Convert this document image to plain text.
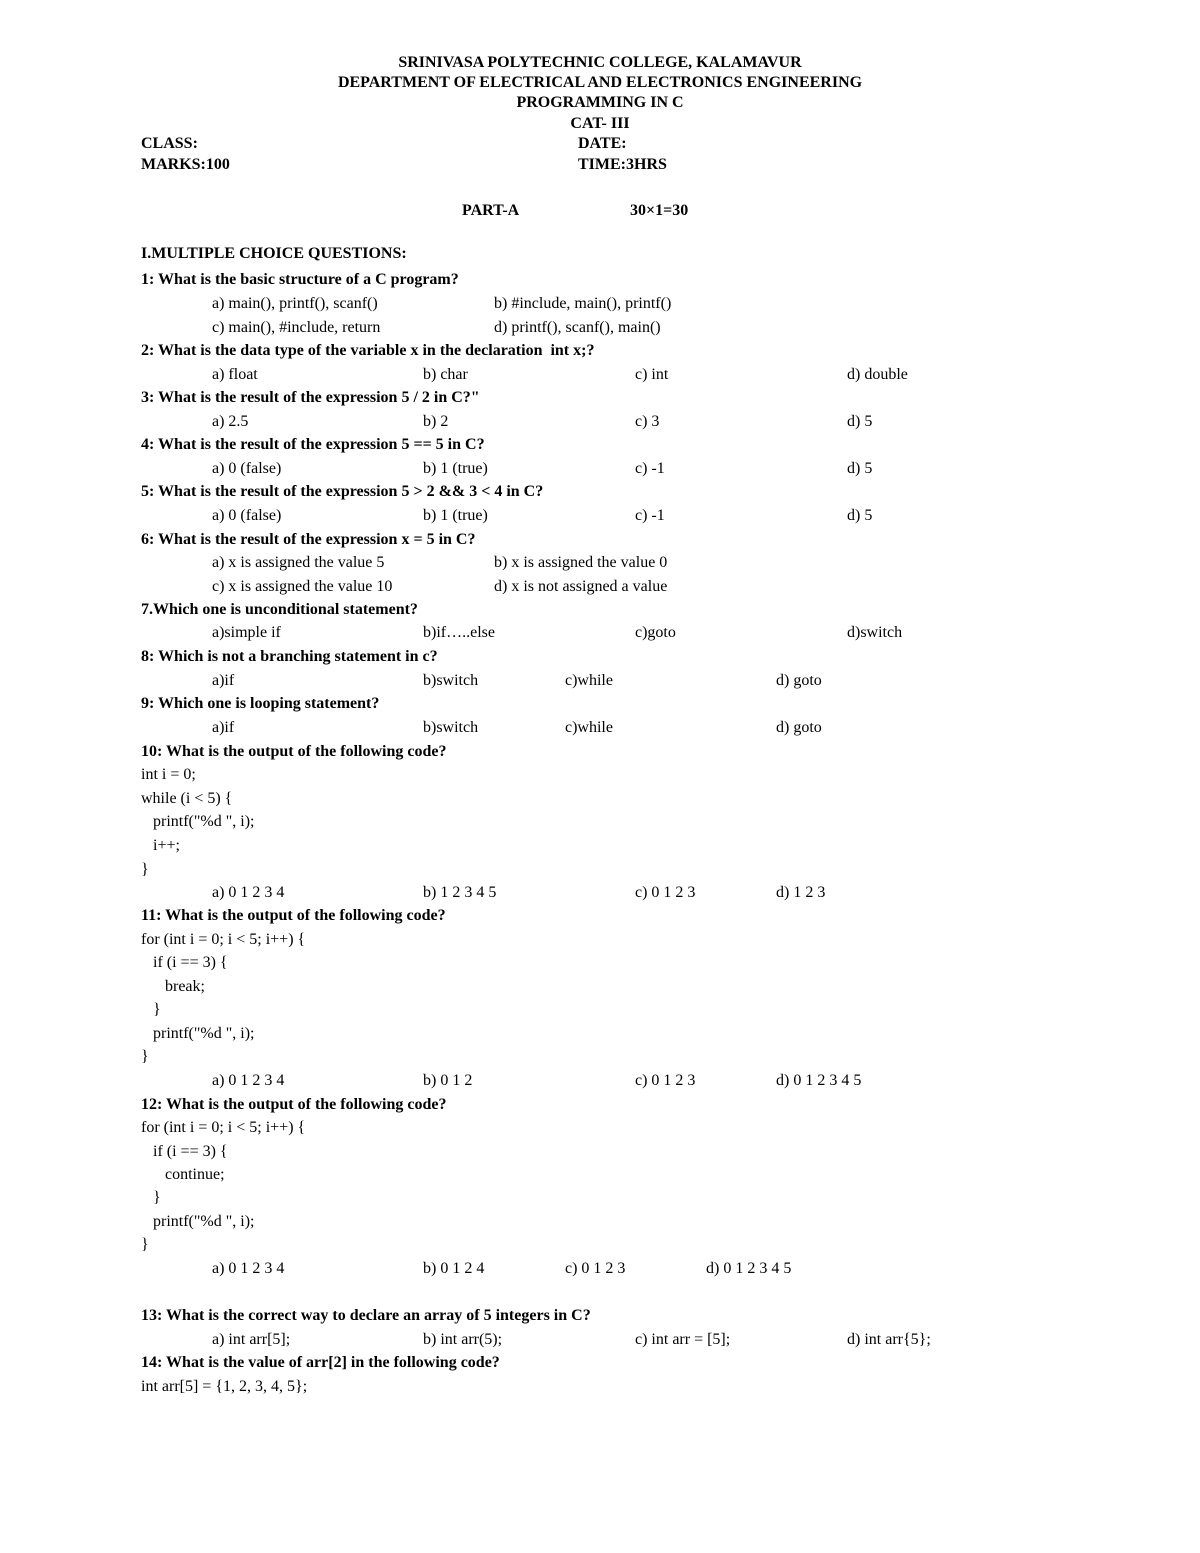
SRINIVASA POLYTECHNIC COLLEGE, KALAMAVUR
DEPARTMENT OF ELECTRICAL AND ELECTRONICS ENGINEERING
PROGRAMMING IN C
CAT- III
CLASS:	DATE:
MARKS:100	TIME:3HRS
PART-A	30×1=30
I.MULTIPLE CHOICE QUESTIONS:
1: What is the basic structure of a C program?
a) main(), printf(), scanf()	b) #include, main(), printf()
c) main(), #include, return	d) printf(), scanf(), main()
2: What is the data type of the variable x in the declaration  int x;?
a) float	b) char	c) int	d) double
3: What is the result of the expression 5 / 2 in C?"
a) 2.5	b) 2	c) 3	d) 5
4: What is the result of the expression 5 == 5 in C?
a) 0 (false)	b) 1 (true)	c) -1	d) 5
5: What is the result of the expression 5 > 2 && 3 < 4 in C?
a) 0 (false)	b) 1 (true)	c) -1	d) 5
6: What is the result of the expression x = 5 in C?
a) x is assigned the value 5	b) x is assigned the value 0
c) x is assigned the value 10	d) x is not assigned a value
7.Which one is unconditional statement?
a)simple if	b)if…..else	c)goto	d)switch
8: Which is not a branching statement in c?
a)if	b)switch	c)while	d) goto
9: Which one is looping statement?
a)if	b)switch	c)while	d) goto
10: What is the output of the following code?
int i = 0;
while (i < 5) {
printf("%d ", i);
i++;
}
a) 0 1 2 3 4	b) 1 2 3 4 5	c) 0 1 2 3	d) 1 2 3
11: What is the output of the following code?
for (int i = 0; i < 5; i++) {
if (i == 3) {
break;
}
printf("%d ", i);
}
a) 0 1 2 3 4	b) 0 1 2	c) 0 1 2 3	d) 0 1 2 3 4 5
12: What is the output of the following code?
for (int i = 0; i < 5; i++) {
if (i == 3) {
continue;
}
printf("%d ", i);
}
a) 0 1 2 3 4	b) 0 1 2 4	c) 0 1 2 3	d) 0 1 2 3 4 5
13: What is the correct way to declare an array of 5 integers in C?
a) int arr[5];	b) int arr(5);	c) int arr = [5];	d) int arr{5};
14: What is the value of arr[2] in the following code?
int arr[5] = {1, 2, 3, 4, 5};
